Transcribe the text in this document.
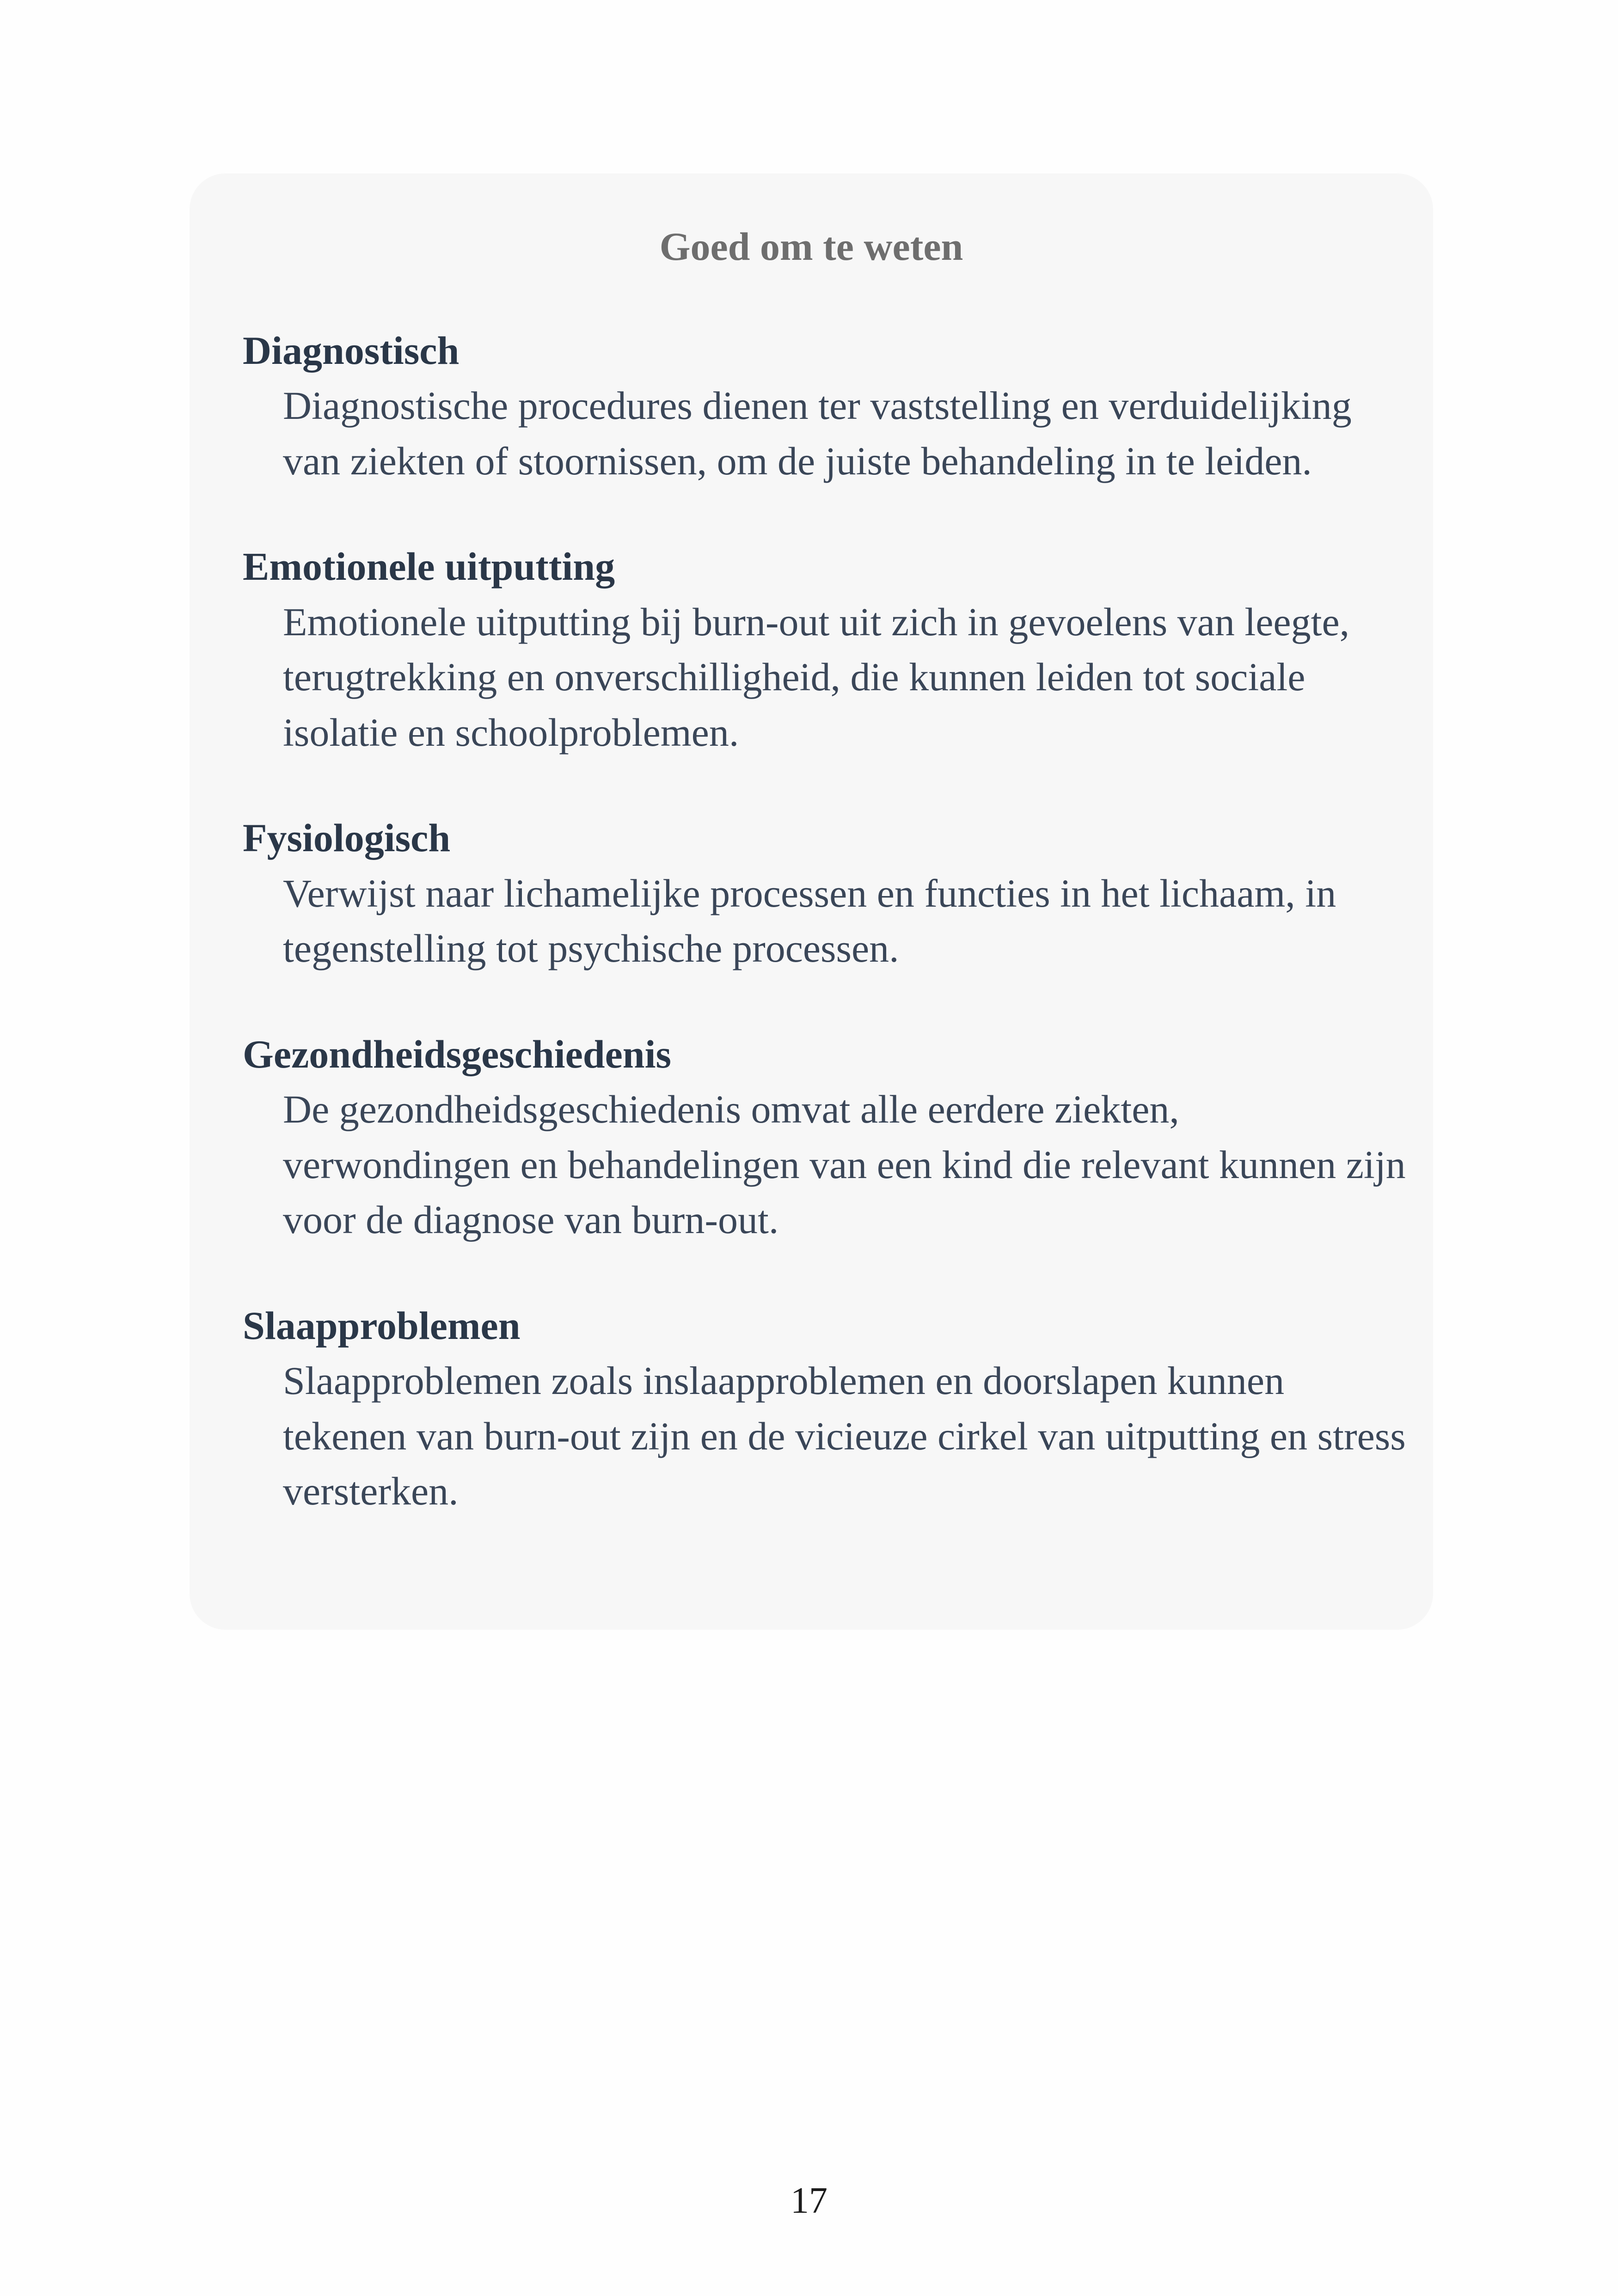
Goed om te weten
Diagnostisch

Diagnostische procedures dienen ter vaststelling en verduidelijking van ziekten of stoornissen, om de juiste behandeling in te leiden.

Emotionele uitputting

Emotionele uitputting bij burn-out uit zich in gevoelens van leegte, terugtrekking en onverschilligheid, die kunnen leiden tot sociale isolatie en schoolproblemen.

Fysiologisch

Verwijst naar lichamelijke processen en functies in het lichaam, in tegenstelling tot psychische processen.

Gezondheidsgeschiedenis

De gezondheidsgeschiedenis omvat alle eerdere ziekten, verwondingen en behandelingen van een kind die relevant kunnen zijn voor de diagnose van burn-out.

Slaapproblemen

Slaapproblemen zoals inslaapproblemen en doorslapen kunnen tekenen van burn-out zijn en de vicieuze cirkel van uitputting en stress versterken.

17
